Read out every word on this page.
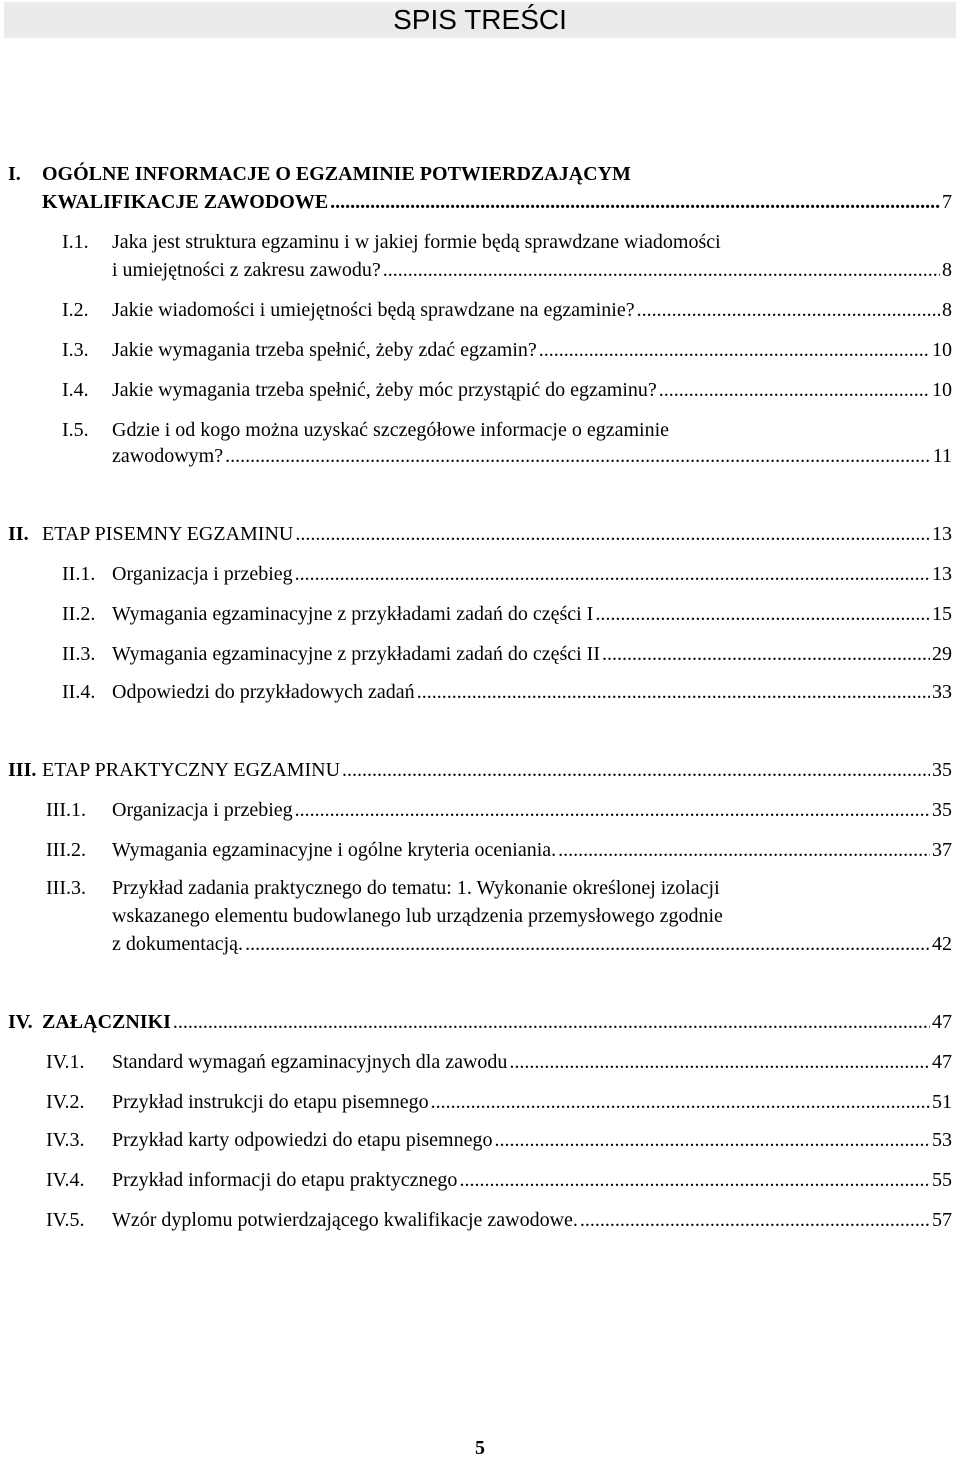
SPIS TREŚCI
I. OGÓLNE INFORMACJE O EGZAMINIE POTWIERDZAJĄCYM
KWALIFIKACJE ZAWODOWE .....	7
I.1. Jaka jest struktura egzaminu i w jakiej formie będą sprawdzane wiadomości
i umiejętności z zakresu zawodu? .....	8
I.2. Jakie wiadomości i umiejętności będą sprawdzane na egzaminie? .....	8
I.3. Jakie wymagania trzeba spełnić, żeby zdać egzamin? .....	10
I.4. Jakie wymagania trzeba spełnić, żeby móc przystąpić do egzaminu? .....	10
I.5. Gdzie i od kogo można uzyskać szczegółowe informacje o egzaminie
zawodowym? .....	11
II. ETAP PISEMNY EGZAMINU .....	13
II.1. Organizacja i przebieg .....	13
II.2. Wymagania egzaminacyjne z przykładami zadań do części I .....	15
II.3. Wymagania egzaminacyjne z przykładami zadań do części II .....	29
II.4. Odpowiedzi do przykładowych zadań .....	33
III. ETAP PRAKTYCZNY EGZAMINU .....	35
III.1. Organizacja i przebieg .....	35
III.2. Wymagania egzaminacyjne i ogólne kryteria oceniania. .....	37
III.3. Przykład zadania praktycznego do tematu: 1. Wykonanie określonej izolacji
wskazanego elementu budowlanego lub urządzenia przemysłowego zgodnie
z dokumentacją. .....	42
IV. ZAŁĄCZNIKI .....	47
IV.1. Standard wymagań egzaminacyjnych dla zawodu .....	47
IV.2. Przykład instrukcji do etapu pisemnego .....	51
IV.3. Przykład karty odpowiedzi do etapu pisemnego .....	53
IV.4. Przykład informacji do etapu praktycznego .....	55
IV.5. Wzór dyplomu potwierdzającego kwalifikacje zawodowe. .....	57
5
